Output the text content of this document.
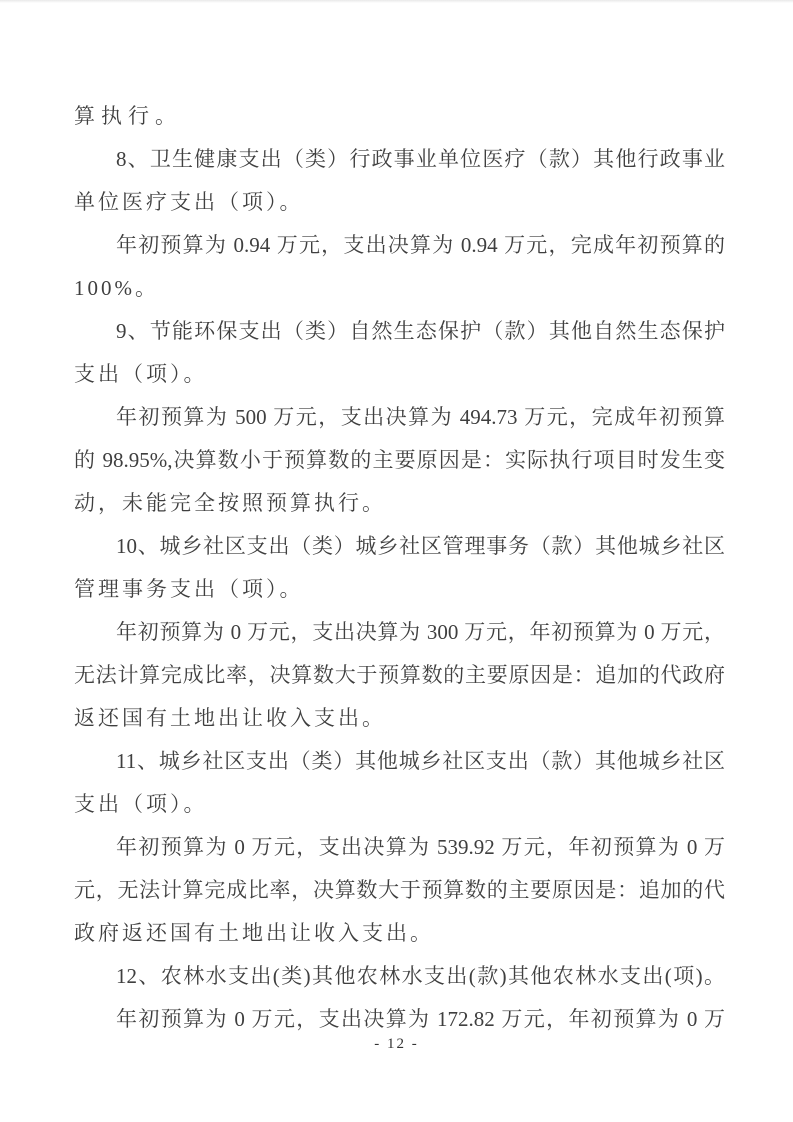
算执行。
8、卫生健康支出（类）行政事业单位医疗（款）其他行政事业
单位医疗支出（项）。
年初预算为 0.94 万元，支出决算为 0.94 万元，完成年初预算的
100%。
9、节能环保支出（类）自然生态保护（款）其他自然生态保护
支出（项）。
年初预算为 500 万元，支出决算为 494.73 万元，完成年初预算
的 98.95%,决算数小于预算数的主要原因是：实际执行项目时发生变
动，未能完全按照预算执行。
10、城乡社区支出（类）城乡社区管理事务（款）其他城乡社区
管理事务支出（项）。
年初预算为 0 万元，支出决算为 300 万元，年初预算为 0 万元，
无法计算完成比率，决算数大于预算数的主要原因是：追加的代政府
返还国有土地出让收入支出。
11、城乡社区支出（类）其他城乡社区支出（款）其他城乡社区
支出（项）。
年初预算为 0 万元，支出决算为 539.92 万元，年初预算为 0 万
元，无法计算完成比率，决算数大于预算数的主要原因是：追加的代
政府返还国有土地出让收入支出。
12、农林水支出(类)其他农林水支出(款)其他农林水支出(项)。
年初预算为 0 万元，支出决算为 172.82 万元，年初预算为 0 万
- 12 -
